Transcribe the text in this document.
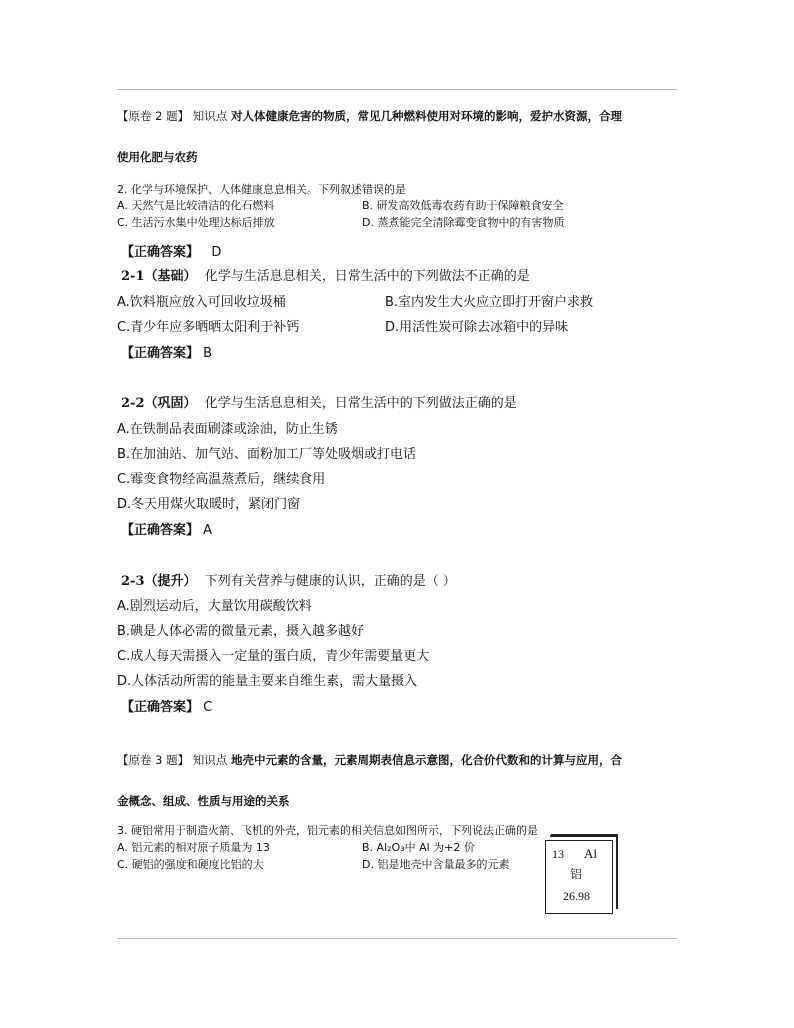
【原卷 2 题】 知识点 对人体健康危害的物质，常见几种燃料使用对环境的影响，爱护水资源，合理
使用化肥与农药
2. 化学与环境保护、人体健康息息相关。下列叙述错误的是
A. 天然气是比较清洁的化石燃料	B. 研发高效低毒农药有助于保障粮食安全
C. 生活污水集中处理达标后排放	D. 蒸煮能完全清除霉变食物中的有害物质
【正确答案】 D
2-1（基础） 化学与生活息息相关，日常生活中的下列做法不正确的是
A.饮料瓶应放入可回收垃圾桶	B.室内发生大火应立即打开窗户求救
C.青少年应多晒晒太阳利于补钙	D.用活性炭可除去冰箱中的异味
【正确答案】 B
2-2（巩固） 化学与生活息息相关，日常生活中的下列做法正确的是
A.在铁制品表面刷漆或涂油，防止生锈
B.在加油站、加气站、面粉加工厂等处吸烟或打电话
C.霉变食物经高温蒸煮后，继续食用
D.冬天用煤火取暖时，紧闭门窗
【正确答案】 A
2-3（提升） 下列有关营养与健康的认识，正确的是（ ）
A.剧烈运动后，大量饮用碳酸饮料
B.碘是人体必需的微量元素，摄入越多越好
C.成人每天需摄入一定量的蛋白质，青少年需要量更大
D.人体活动所需的能量主要来自维生素，需大量摄入
【正确答案】 C
【原卷 3 题】 知识点 地壳中元素的含量，元素周期表信息示意图，化合价代数和的计算与应用，合
金概念、组成、性质与用途的关系
3. 硬铝常用于制造火箭、飞机的外壳，铝元素的相关信息如图所示，下列说法正确的是
A. 铝元素的相对原子质量为 13	B. Al₂O₃中 Al 为+2 价
C. 硬铝的强度和硬度比铝的大	D. 铝是地壳中含量最多的元素
13 Al
铝
26.98
